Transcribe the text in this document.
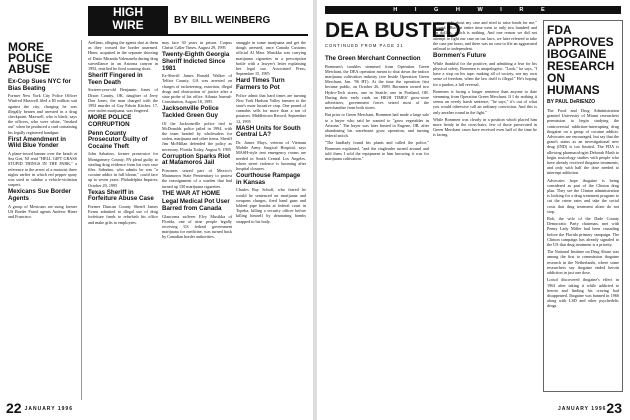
MORE POLICE ABUSE
Ex-Cop Sues NYC for Bias Beating

Former New York City Police Officer Winfred Maxwell filed a $5 million suit against the city, charging he was illegally beaten and arrested in a drug checkpoint. Maxwell, who is black, says the officers, who were white, "freaked out" when he produced a card containing his legally registered handgun.

First Amendment in Wild Blue Yonder

A plane-towed banner over the beach at Sea Girt, NJ read "HELL GIFT GRASS STUPID THINGS IN THE PARK," a reference to the arrest of a motorist three nights earlier in which red pepper spray was used to subdue a vehicle-violation suspect.

Mexicans Sue Border Agents

A group of Mexicans are suing former US Border Patrol agents Andrew Hiner and Francisco

HIGH
WIRE	BY BILL WEINBERG

Arellano, alleging the agents shot at them as they crossed the border unarmed. Hiner, acquitted in the separate shooting of Dario Miranda Valenzuela during drug surveillance in an Arizona canyon in 1992, testified he fired warning shots.

Sheriff Fingered in Teen Death

Sixteen-year-old Benjamin Jones of Dixon County, OK, daughter of Jerry Don Jones, the man charged with the 1992 murder of Gay Edwin Kitcher, 17, over stolen marijuana, was fingered.

MORE POLICE CORRUPTION
Penn County Prosecutor Guilty of Cocaine Theft

John Sabatino, former prosecutor for Montgomery County, PA plead guilty to stealing drug evidence from his own case files. Sabatino, who admits he was "a cocaine addict in full bloom," could face up to seven years. Philadelphia Inquirer, October 20, 1995

Texas Sheriff in Forfeiture Abuse Case

Former Duncan County Sheriff James Evans admitted to illegal use of drug forfeiture funds to refurbish his office and make gifts to employees.

may face 30 years in prison. Corpus Christi Caller Times, August 29, 1995

Twenty-Eighth Georgia Sheriff Indicted Since 1981

Ex-Sheriff James Ronald Walker of Telfair County, GA was arrested on charges of racketeering, extortion, illegal drugs and obstruction of justice after a state probe of his office. Atlanta Journal-Constitution, August 18, 1995

Jacksonville Police Tackled Green Guy

Of the Jacksonville police tied to McDonalds police jailed in 1994, with the team headed by wholesalers for stolen, marijuana and other items. Sheriff Jim McMillan defended the policy as necessary. Florida Today, August 9, 1995

Corruption Sparks Riot at Matamoros Jail

Prisoners seized part of Mexico's Matamoros State Penitentiary to protest the reassignment of a warden that had turned up 150 marijuana cigarettes.

THE WAR AT HOME
Legal Medical Pot User Barred from Canada

Glaucoma sufferer Elvy Musikka of Florida, one of nine people legally receiving US federal government marijuana for medicine, was turned back by Canadian border authorities.

smuggle in some marijuana and get the dough arrested, once Canada Customs official Al Marr. Musikka was carrying marijuana cigarettes in a prescription bottle with a lawyer's letter explaining her legal use. Associated Press, September 15, 1995

Hard Times Turn Farmers to Pot

Police admit that hard times are turning New York Hudson Valley farmers to the state's most lucrative crop. One pound of cannabis sells for more than a ton of potatoes. Middletown Record, September 12, 1995

MASH Units for South Central LA?

Dr. James Mays, veteran of Vietnam Mobile Army Surgical Hospital, says MASH-style tent emergency rooms are needed in South Central Los Angeles, where street violence is booming after hospital closures.

Courthouse Rampage in Kansas

Charles Ray Schuff, who feared he would be sentenced on marijuana and weapons charges, fired hand guns and lobbed pipe bombs at federal court in Topeka, killing a security officer before killing himself by detonating bombs strapped to his body.

22 JANUARY 1996
H I G H W I R E
DEA BUSTED
CONTINUED FROM PAGE 21
The Green Merchant Connection

Bornmen's troubles stemmed from Operation Green Merchant, the DEA operation meant to shut down the indoor marijuana cultivation industry (see Inside Operation Green Merchant, Jan. '96 HT). At the time the operation first became public, on October 26, 1989, Bornmen owned two Hydro-Tech stores, one in Seattle, one in Portland, OR. During their early raids on HIGH TIMES' grow-store advertisers, government forces seized most of the merchandise from both stores.

But prior to Green Merchant, Bornmen had made a large sale to a buyer who said he wanted to "grow vegetables in Arizona." The buyer was later busted in Eugene, OR, after abandoning his warehouse grow operation, and turning federal snitch.

"The landlady found his plants and called the police," Bornmen explained, "and the ringleader turned around and told them I sold the equipment to him knowing it was for marijuana cultivation."

some article about my case and tried to raise funds for me," he said. "But the entire time went to only two hundred and ten dollars, which is nothing. And one reason we did not attempt to fight our case on tax laws, we later referred to take the case pro bono, and there was no case to file an aggravated railroad to independent.

Bornmen's Future

While thankful for the positive, and admitting a fear for his physical safety, Bornmen is unapologetic. "Look," he says, "I have a stop on his tape: making all of society, nor my own sense of freedom, when the law itself is illegal." He's hoping for a pardon, a full reversal.

Bornmen is facing a longer sentence than anyone to date stemming from Operation Green Merchant. If I do nothing it seems an overly harsh sentence, "he says," it's out of what you would otherwise call an ordinary conviction. And this is only another round in the fight."

While Bornmen was clearly in a position which placed him more firmly in the cross-hairs, few of those prosecuted in Green Merchant cases have received even half of the time he is facing.

FDA APPROVES IBOGAINE RESEARCH ON HUMANS
BY PAUL DeRIENZO

The Food and Drug Administration granted University of Miami researchers permission to begin studying the controversial addiction-interrupting drug ibogaine on a group of cocaine addicts. Advocates are encouraged, but say that the grant's status as an investigational new drug (IND) is too limited. The FDA is allowing pharmacologist Deborah Mash to begin toxicology studies with people who have already received ibogaine treatments, and only with half the dose needed to interrupt addiction.

Advocates hope ibogaine is being considered as part of the Clinton drug plan. They see the Clinton administration is looking for a drug treatment program to cut the crime rates and take the social costs that drug treatment alone do not stop.

Bob, the wife of the Dade County Democratic Party chairman, met with Penny Lady Miller had been crusading before the Florida primary campaign. The Clinton campaign has already signaled to the US that drug treatment is a priority.

The National Institute on Drug Abuse was among the first to commission ibogaine research in the Netherlands, where some researchers say ibogaine ended heroin addiction in just one dose.

Lotsof discovered ibogaine's effect in 1962 after taking it while addicted to heroin and finding his craving had disappeared. Ibogaine was banned in 1966 along with LSD and other psychedelic drugs.

JANUARY 199623
